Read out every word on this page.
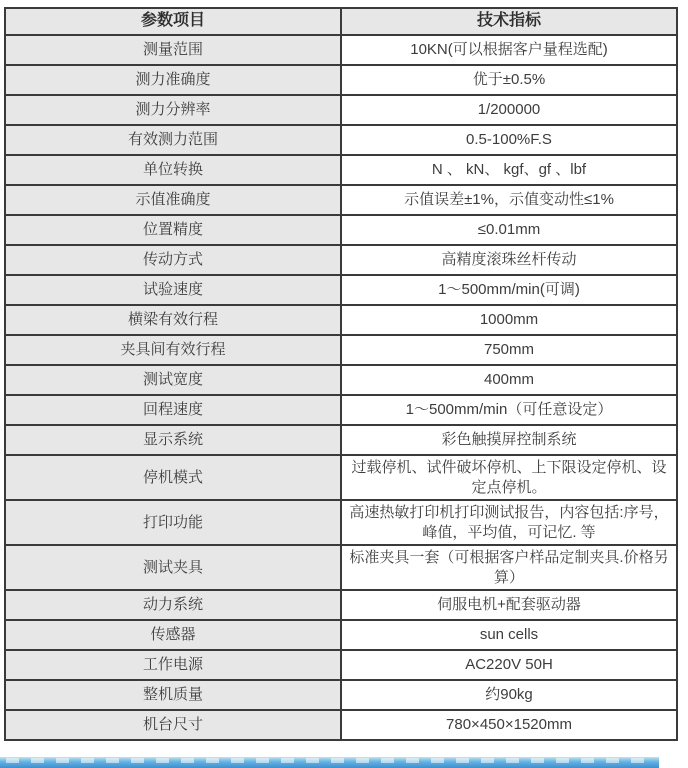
参数项目	技术指标
测量范围	10KN(可以根据客户量程选配)
测力准确度	优于±0.5%
测力分辨率	1/200000
有效测力范围	0.5-100%F.S
单位转换	N 、 kN、 kgf、gf 、lbf
示值准确度	示值误差±1%，示值变动性≤1%
位置精度	≤0.01mm
传动方式	高精度滚珠丝杆传动
试验速度	1～500mm/min(可调)
横梁有效行程	1000mm
夹具间有效行程	750mm
测试宽度	400mm
回程速度	1～500mm/min（可任意设定）
显示系统	彩色触摸屏控制系统
停机模式	过载停机、试件破坏停机、上下限设定停机、设定点停机。
打印功能	高速热敏打印机打印测试报告，内容包括:序号，峰值，平均值，可记忆. 等
测试夹具	标准夹具一套（可根据客户样品定制夹具.价格另算）
动力系统	伺服电机+配套驱动器
传感器	sun cells
工作电源	AC220V 50H
整机质量	约90kg
机台尺寸	780×450×1520mm
